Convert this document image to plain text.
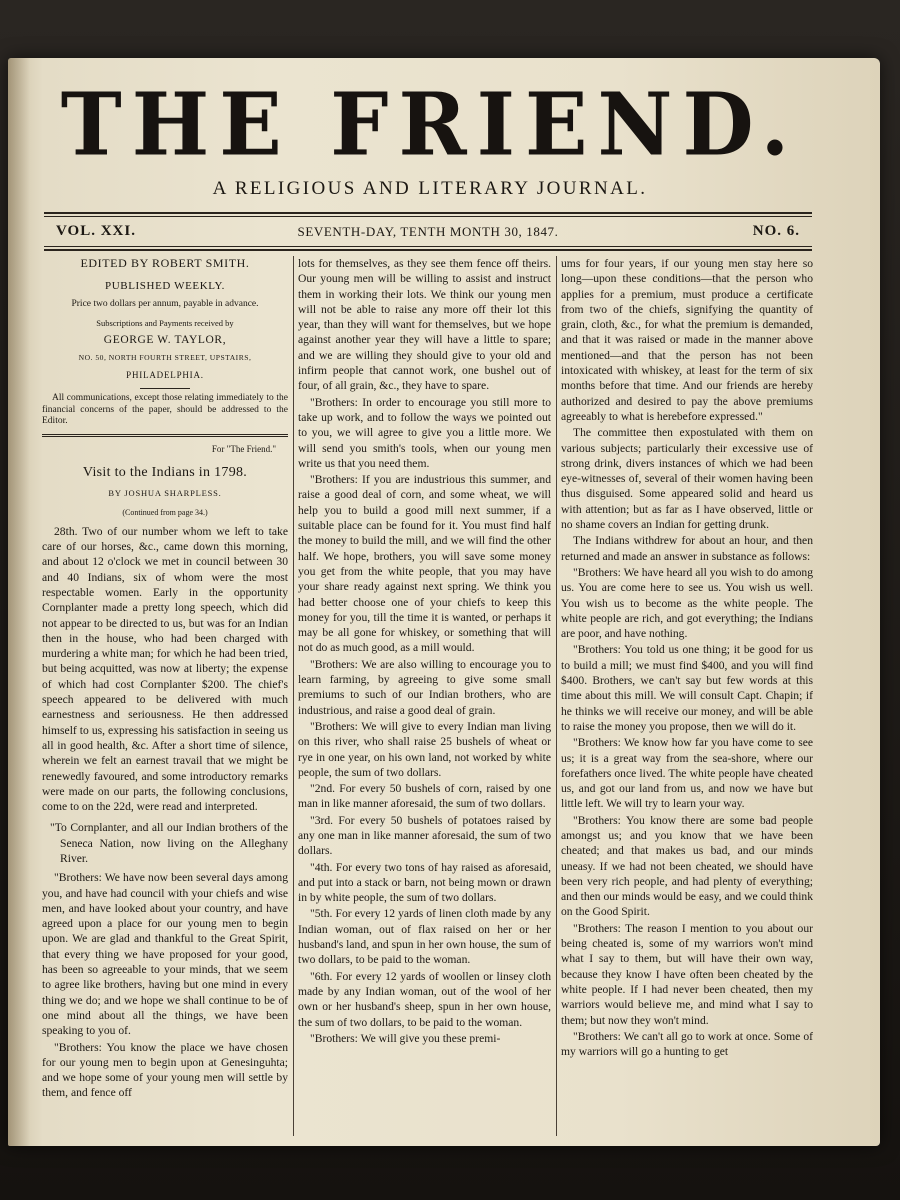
THE FRIEND.
A RELIGIOUS AND LITERARY JOURNAL.
VOL. XXI.	SEVENTH-DAY, TENTH MONTH 30, 1847.	NO. 6.
EDITED BY ROBERT SMITH.
PUBLISHED WEEKLY.
Price two dollars per annum, payable in advance.
Subscriptions and Payments received by
GEORGE W. TAYLOR,
NO. 50, NORTH FOURTH STREET, UPSTAIRS,
PHILADELPHIA.
All communications, except those relating immediately to the financial concerns of the paper, should be addressed to the Editor.
For "The Friend."
Visit to the Indians in 1798.
BY JOSHUA SHARPLESS.
(Continued from page 34.)

28th. Two of our number whom we left to take care of our horses, &c., came down this morning, and about 12 o'clock we met in council between 30 and 40 Indians, six of whom were the most respectable women. Early in the opportunity Cornplanter made a pretty long speech, which did not appear to be directed to us, but was for an Indian then in the house, who had been charged with murdering a white man; for which he had been tried, but being acquitted, was now at liberty; the expense of which had cost Cornplanter $200. The chief's speech appeared to be delivered with much earnestness and seriousness. He then addressed himself to us, expressing his satisfaction in seeing us all in good health, &c. After a short time of silence, wherein we felt an earnest travail that we might be renewedly favoured, and some introductory remarks were made on our parts, the following conclusions, come to on the 22d, were read and interpreted.

"To Cornplanter, and all our Indian brothers of the Seneca Nation, now living on the Alleghany River.

"Brothers: We have now been several days among you, and have had council with your chiefs and wise men, and have looked about your country, and have agreed upon a place for our young men to begin upon. We are glad and thankful to the Great Spirit, that every thing we have proposed for your good, has been so agreeable to your minds, that we seem to agree like brothers, having but one mind in every thing we do; and we hope we shall continue to be of one mind about all the things, we have been speaking to you of.

"Brothers: You know the place we have chosen for our young men to begin upon at Genesinguhta; and we hope some of your young men will settle by them, and fence off

lots for themselves, as they see them fence off theirs. Our young men will be willing to assist and instruct them in working their lots. We think our young men will not be able to raise any more off their lot this year, than they will want for themselves, but we hope against another year they will have a little to spare; and we are willing they should give to your old and infirm people that cannot work, one bushel out of four, of all grain, &c., they have to spare.

"Brothers: In order to encourage you still more to take up work, and to follow the ways we pointed out to you, we will agree to give you a little more. We will send you smith's tools, when our young men write us that you need them.

"Brothers: If you are industrious this summer, and raise a good deal of corn, and some wheat, we will help you to build a good mill next summer, if a suitable place can be found for it. You must find half the money to build the mill, and we will find the other half. We hope, brothers, you will save some money you get from the white people, that you may have your share ready against next spring. We think you had better choose one of your chiefs to keep this money for you, till the time it is wanted, or perhaps it may be all gone for whiskey, or something that will not do as much good, as a mill would.

"Brothers: We are also willing to encourage you to learn farming, by agreeing to give some small premiums to such of our Indian brothers, who are industrious, and raise a good deal of grain.

"Brothers: We will give to every Indian man living on this river, who shall raise 25 bushels of wheat or rye in one year, on his own land, not worked by white people, the sum of two dollars.

"2nd. For every 50 bushels of corn, raised by one man in like manner aforesaid, the sum of two dollars.

"3rd. For every 50 bushels of potatoes raised by any one man in like manner aforesaid, the sum of two dollars.

"4th. For every two tons of hay raised as aforesaid, and put into a stack or barn, not being mown or drawn in by white people, the sum of two dollars.

"5th. For every 12 yards of linen cloth made by any Indian woman, out of flax raised on her or her husband's land, and spun in her own house, the sum of two dollars, to be paid to the woman.

"6th. For every 12 yards of woollen or linsey cloth made by any Indian woman, out of the wool of her own or her husband's sheep, spun in her own house, the sum of two dollars, to be paid to the woman.

"Brothers: We will give you these premi-

ums for four years, if our young men stay here so long—upon these conditions—that the person who applies for a premium, must produce a certificate from two of the chiefs, signifying the quantity of grain, cloth, &c., for what the premium is demanded, and that it was raised or made in the manner above mentioned—and that the person has not been intoxicated with whiskey, at least for the term of six months before that time. And our friends are hereby authorized and desired to pay the above premiums agreeably to what is herebefore expressed."

The committee then expostulated with them on various subjects; particularly their excessive use of strong drink, divers instances of which we had been eye-witnesses of, several of their women having been thus disguised. Some appeared solid and heard us with attention; but as far as I have observed, little or no shame covers an Indian for getting drunk.

The Indians withdrew for about an hour, and then returned and made an answer in substance as follows:

"Brothers: We have heard all you wish to do among us. You are come here to see us. You wish us well. You wish us to become as the white people. The white people are rich, and got everything; the Indians are poor, and have nothing.

"Brothers: You told us one thing; it be good for us to build a mill; we must find $400, and you will find $400. Brothers, we can't say but few words at this time about this mill. We will consult Capt. Chapin; if he thinks we will receive our money, and will be able to raise the money you propose, then we will do it.

"Brothers: We know how far you have come to see us; it is a great way from the sea-shore, where our forefathers once lived. The white people have cheated us, and got our land from us, and now we have but little left. We will try to learn your way.

"Brothers: You know there are some bad people amongst us; and you know that we have been cheated; and that makes us bad, and our minds uneasy. If we had not been cheated, we should have been very rich people, and had plenty of everything; and then our minds would be easy, and we could think on the Good Spirit.

"Brothers: The reason I mention to you about our being cheated is, some of my warriors won't mind what I say to them, but will have their own way, because they know I have often been cheated by the white people. If I had never been cheated, then my warriors would believe me, and mind what I say to them; but now they won't mind.

"Brothers: We can't all go to work at once. Some of my warriors will go a hunting to get
